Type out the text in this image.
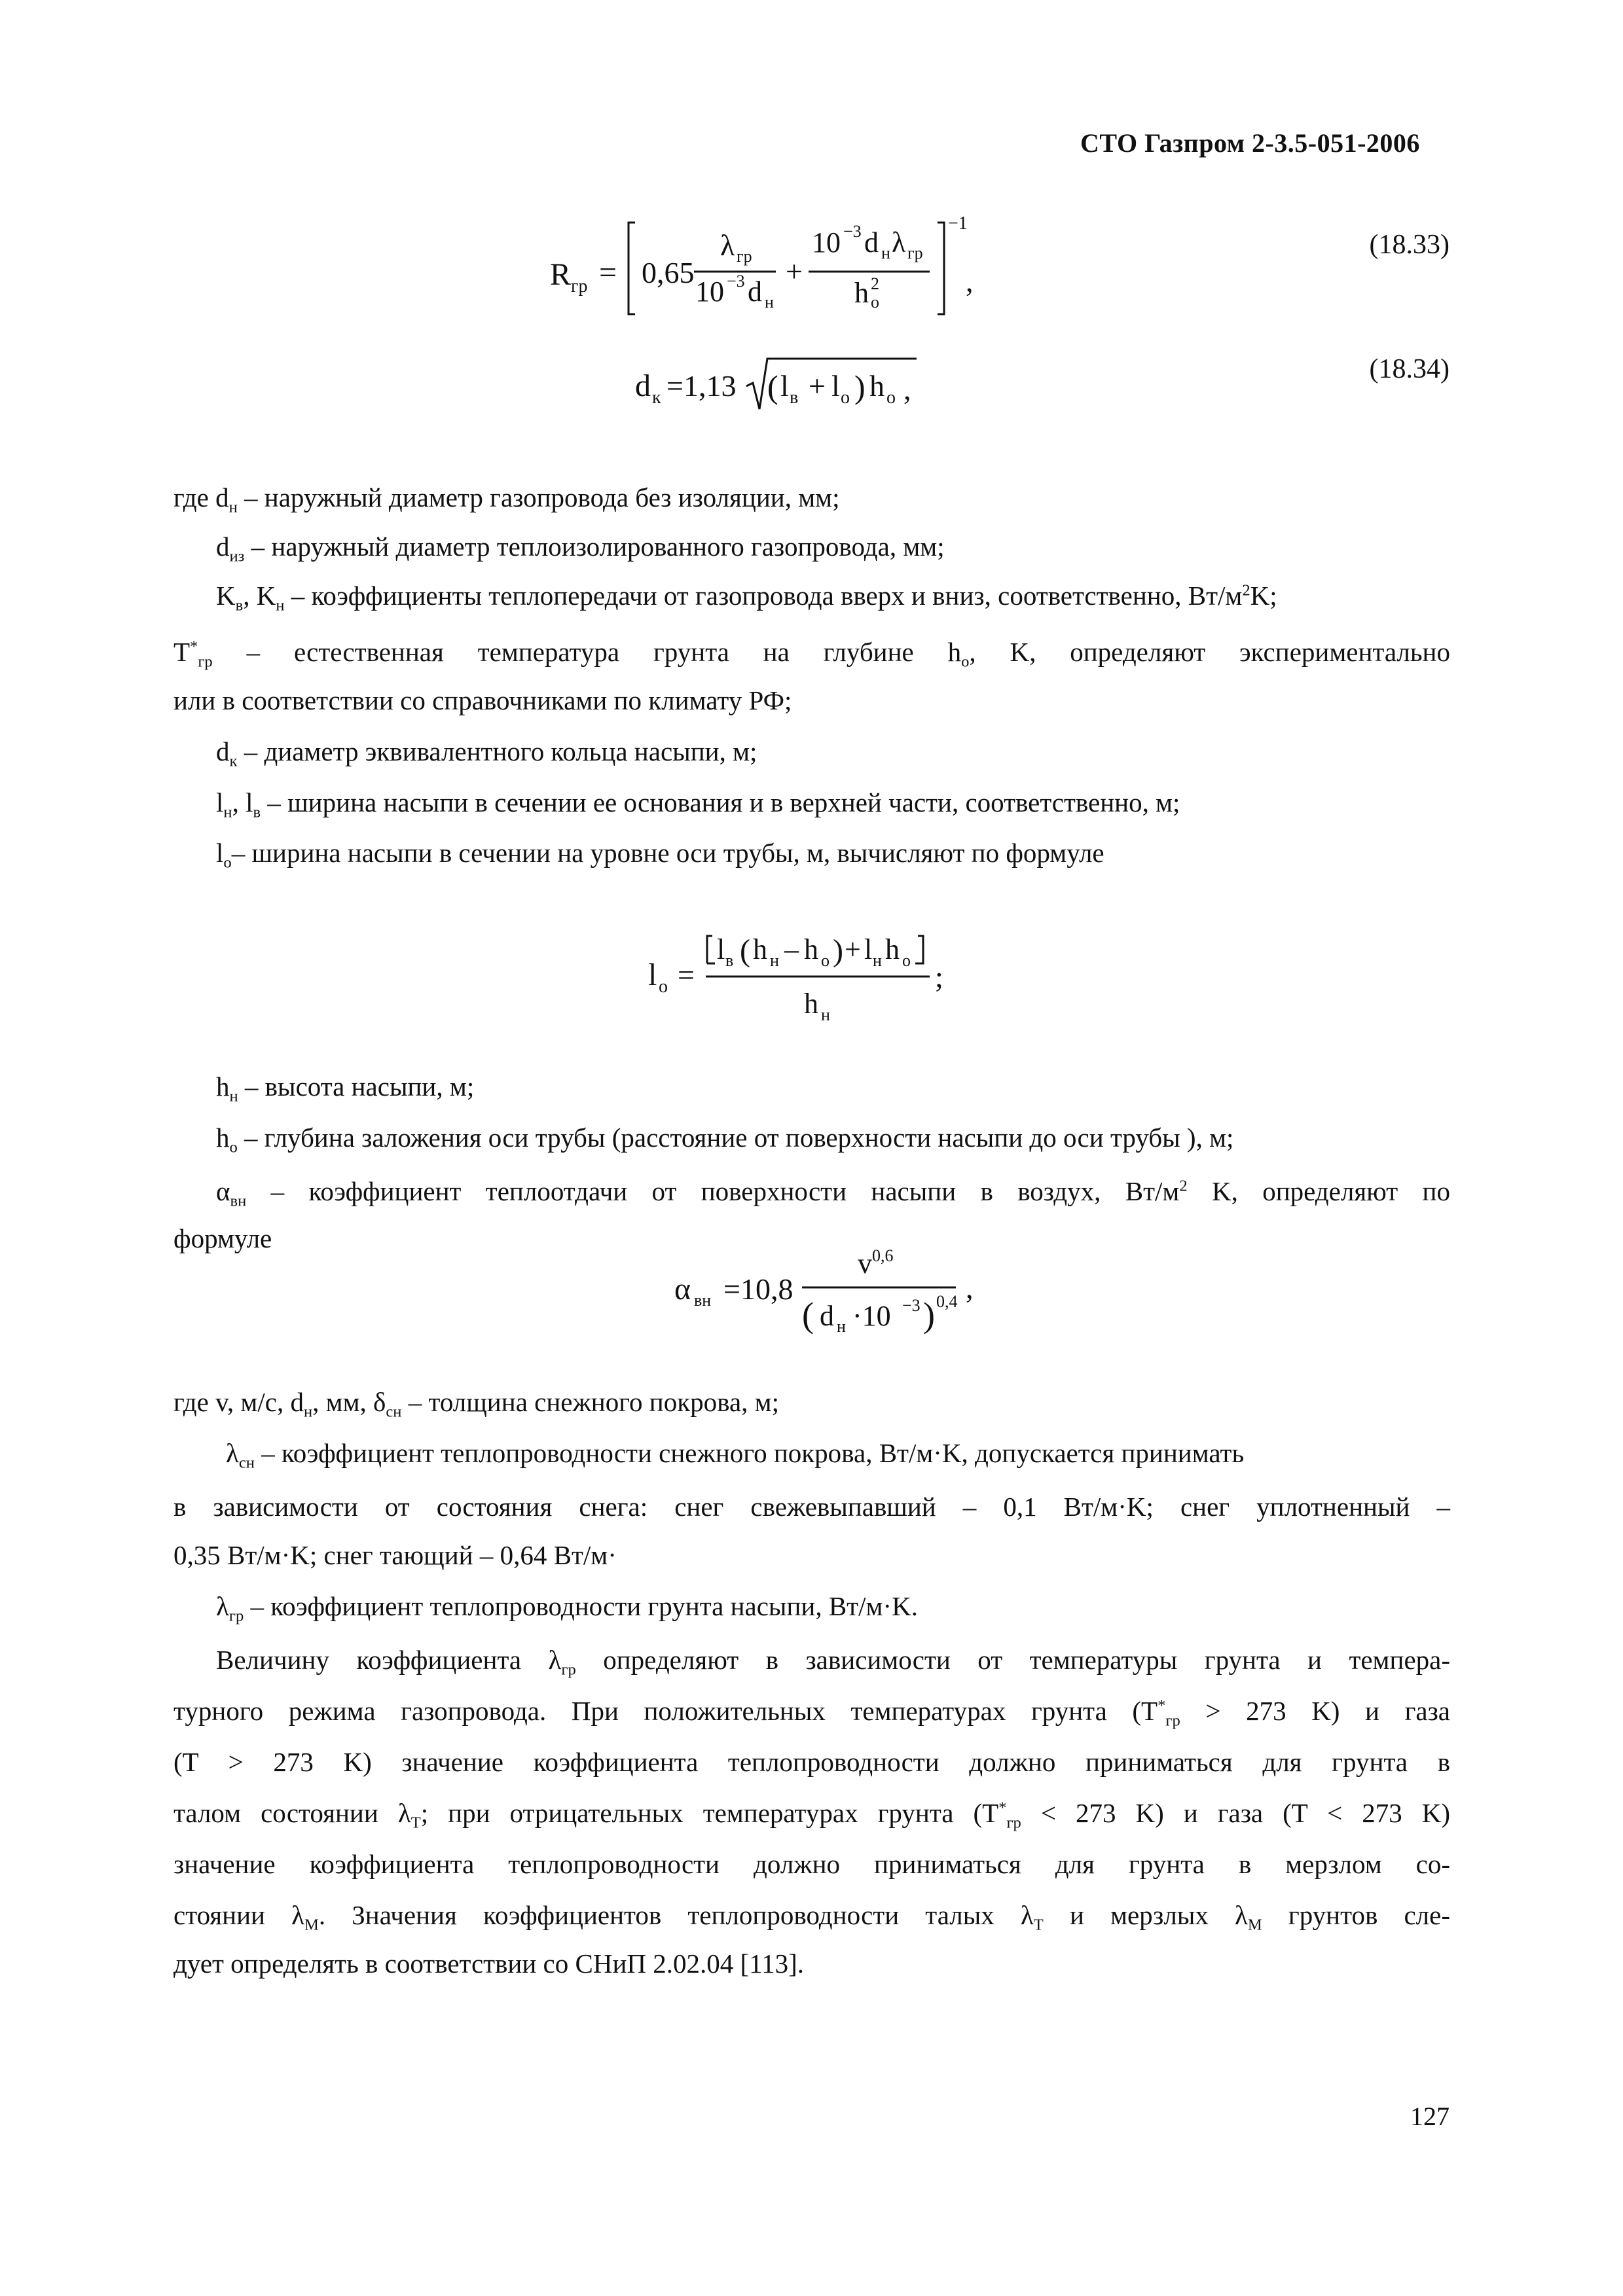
СТО Газпром 2-3.5-051-2006
R гр = 0,65
λ гр
10 −3 d н
+
10 −3 d н λ гр
h 2
о
−1
,
(18.33)
d к =1,13 ( l в + l о ) h о ,
(18.34)
где $d_н$ – наружный диаметр газопровода без изоляции, мм;
$d_{из}$ – наружный диаметр теплоизолированного газопровода, мм;
$K_в$, $K_н$ – коэффициенты теплопередачи от газопровода вверх и вниз, соответственно, $Вт/м^2K$;
$T^*_{гр}$ – естественная температура грунта на глубине $h_о$, K, определяют экспериментально
или в соответствии со справочниками по климату РФ;
$d_к$ – диаметр эквивалентного кольца насыпи, м;
$l_н$, $l_в$ – ширина насыпи в сечении ее основания и в верхней части, соответственно, м;
$l_о-$ ширина насыпи в сечении на уровне оси трубы, м, вычисляют по формуле
l о =
l в ( h н – h о ) + l н h о
h н
;
$h_н$ – высота насыпи, м;
$h_о$ – глубина заложения оси трубы (расстояние от поверхности насыпи до оси трубы ), м;
$\alpha_{вн}$ – коэффициент теплоотдачи от поверхности насыпи в воздух, $Вт/м^2$ K, определяют по
формуле
α вн =10,8
v 0,6
( d н ·10 −3 ) 0,4 ,
где v, м/с, $d_н$, мм, $\delta_{сн}$ – толщина снежного покрова, м;
$\lambda_{сн}$ – коэффициент теплопроводности снежного покрова, Вт/м·K, допускается принимать
в зависимости от состояния снега: снег свежевыпавший – 0,1 Вт/м·K; снег уплотненный –
0,35 Вт/м·K; снег тающий – 0,64 Вт/м·
$\lambda_{гр}$ – коэффициент теплопроводности грунта насыпи, Вт/м·K.
Величину коэффициента $\lambda_{гр}$ определяют в зависимости от температуры грунта и темпера-
турного режима газопровода. При положительных температурах грунта ($T^*_{гр} > 273$ K) и газа
(T > 273 K) значение коэффициента теплопроводности должно приниматься для грунта в
талом состоянии $\lambda_T$; при отрицательных температурах грунта ($T^*_{гр} < 273$ K) и газа (T < 273 K)
значение коэффициента теплопроводности должно приниматься для грунта в мерзлом со-
стоянии $\lambda_M$. Значения коэффициентов теплопроводности талых $\lambda_T$ и мерзлых $\lambda_M$ грунтов сле-
дует определять в соответствии со СНиП 2.02.04 [113].
127
